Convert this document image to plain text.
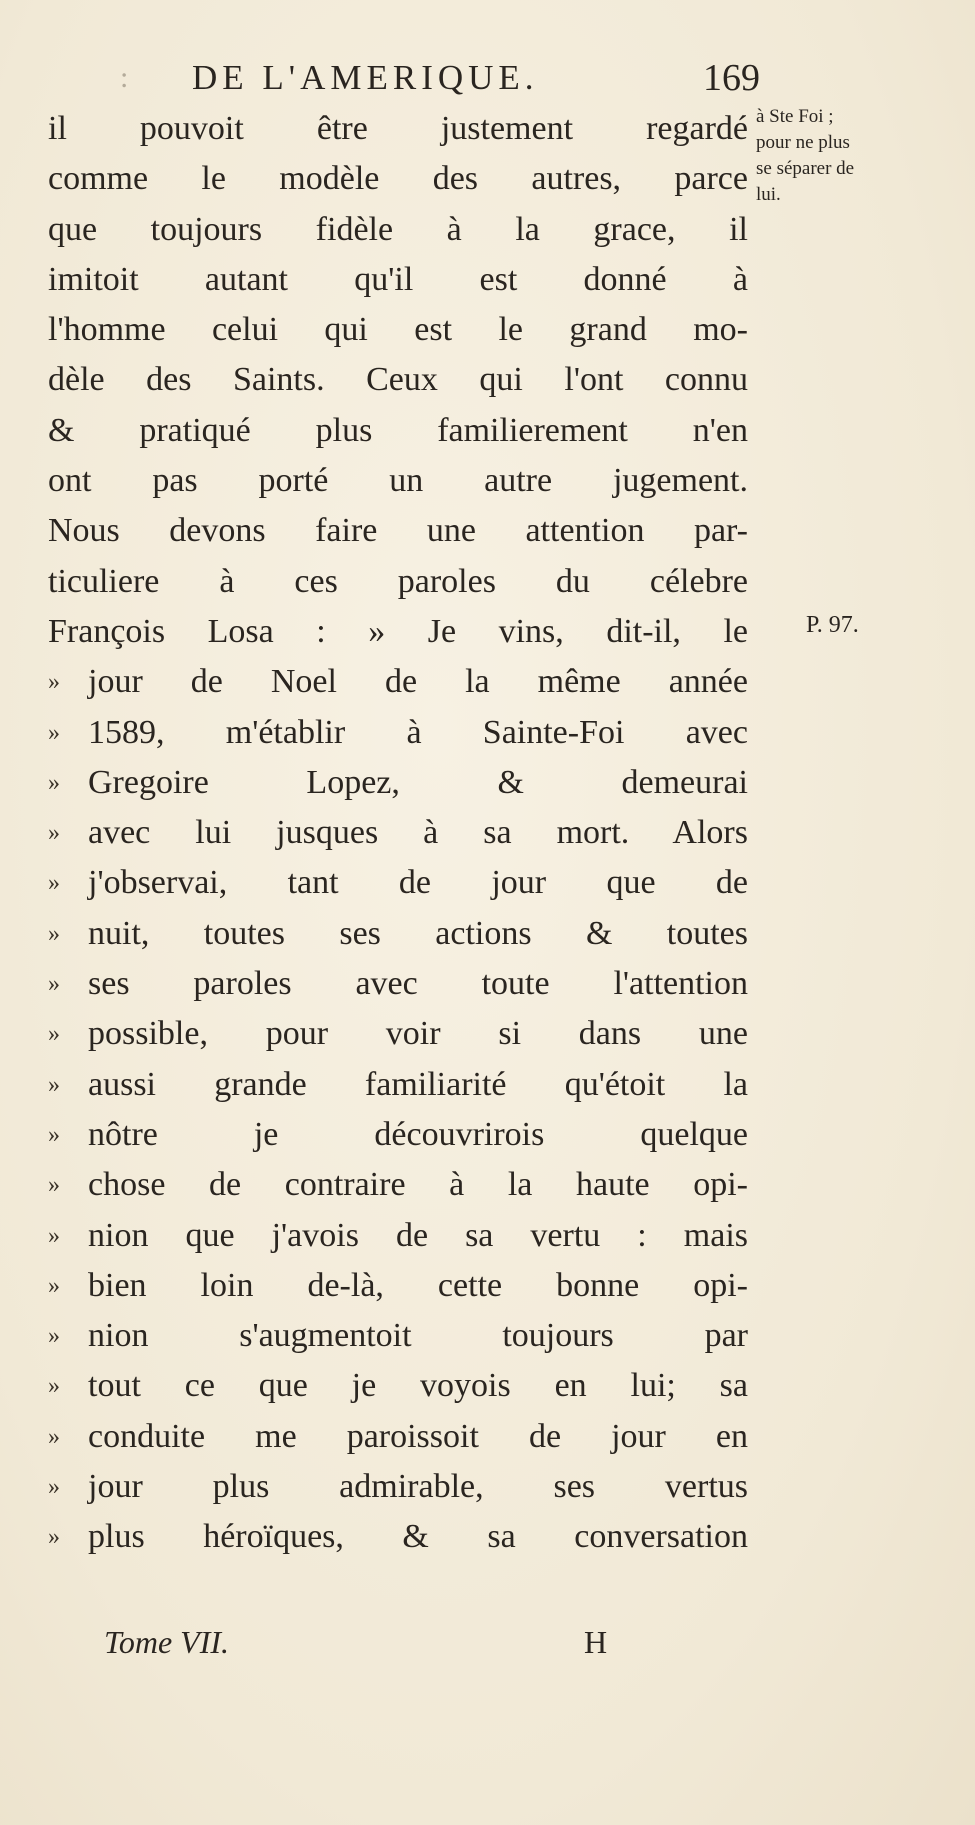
: DE L'AMERIQUE.	169
il pouvoit être justement regardé
comme le modèle des autres, parce
que toujours fidèle à la grace, il
imitoit autant qu'il est donné à
l'homme celui qui est le grand mo-
dèle des Saints. Ceux qui l'ont connu
& pratiqué plus familierement n'en
ont pas porté un autre jugement.
Nous devons faire une attention par-
ticuliere à ces paroles du célebre
François Losa : » Je vins, dit-il, le
» jour de Noel de la même année
» 1589, m'établir à Sainte-Foi avec
» Gregoire Lopez, & demeurai
» avec lui jusques à sa mort. Alors
» j'observai, tant de jour que de
» nuit, toutes ses actions & toutes
» ses paroles avec toute l'attention
» possible, pour voir si dans une
» aussi grande familiarité qu'étoit la
» nôtre je découvrirois quelque
» chose de contraire à la haute opi-
» nion que j'avois de sa vertu : mais
» bien loin de-là, cette bonne opi-
» nion s'augmentoit toujours par
» tout ce que je voyois en lui; sa
» conduite me paroissoit de jour en
» jour plus admirable, ses vertus
» plus héroïques, & sa conversation
à Ste Foi ;
pour ne plus
se séparer de
lui.
P. 97.
Tome VII.	H
